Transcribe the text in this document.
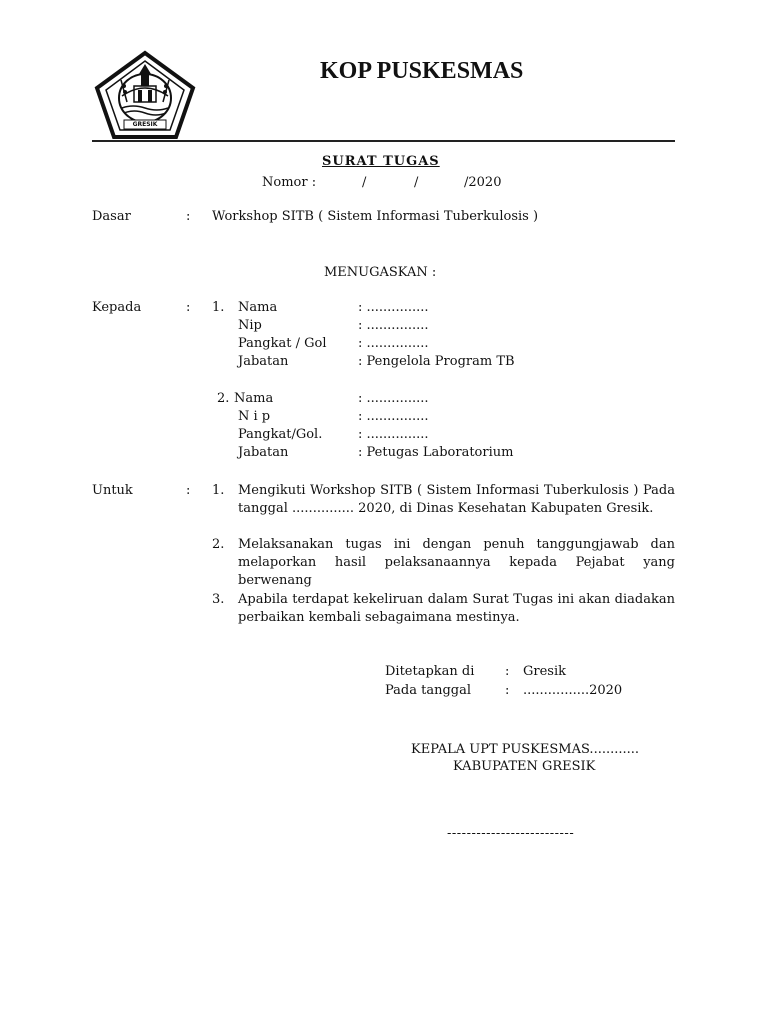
GRESIK
KOP PUSKESMAS
SURAT TUGAS
Nomor :	/	/	/2020
Dasar	: Workshop SITB ( Sistem Informasi Tuberkulosis )
MENUGASKAN :
Kepada	: 1. Nama	: ...............
Nip	: ...............
Pangkat / Gol : ...............
Jabatan	: Pengelola Program TB
2. Nama	: ...............
N i p	: ...............
Pangkat/Gol.	: ...............
Jabatan	: Petugas Laboratorium
Untuk	: 1. Mengikuti Workshop SITB ( Sistem Informasi Tuberkulosis ) Pada tanggal ............... 2020, di Dinas Kesehatan Kabupaten Gresik.
2. Melaksanakan tugas ini dengan penuh tanggungjawab dan melaporkan hasil pelaksanaannya kepada Pejabat yang berwenang
3. Apabila terdapat kekeliruan dalam Surat Tugas ini akan diadakan perbaikan kembali sebagaimana mestinya.
Ditetapkan di : Gresik
Pada tanggal	: ................2020
KEPALA UPT PUSKESMAS............
KABUPATEN GRESIK
--------------------------
